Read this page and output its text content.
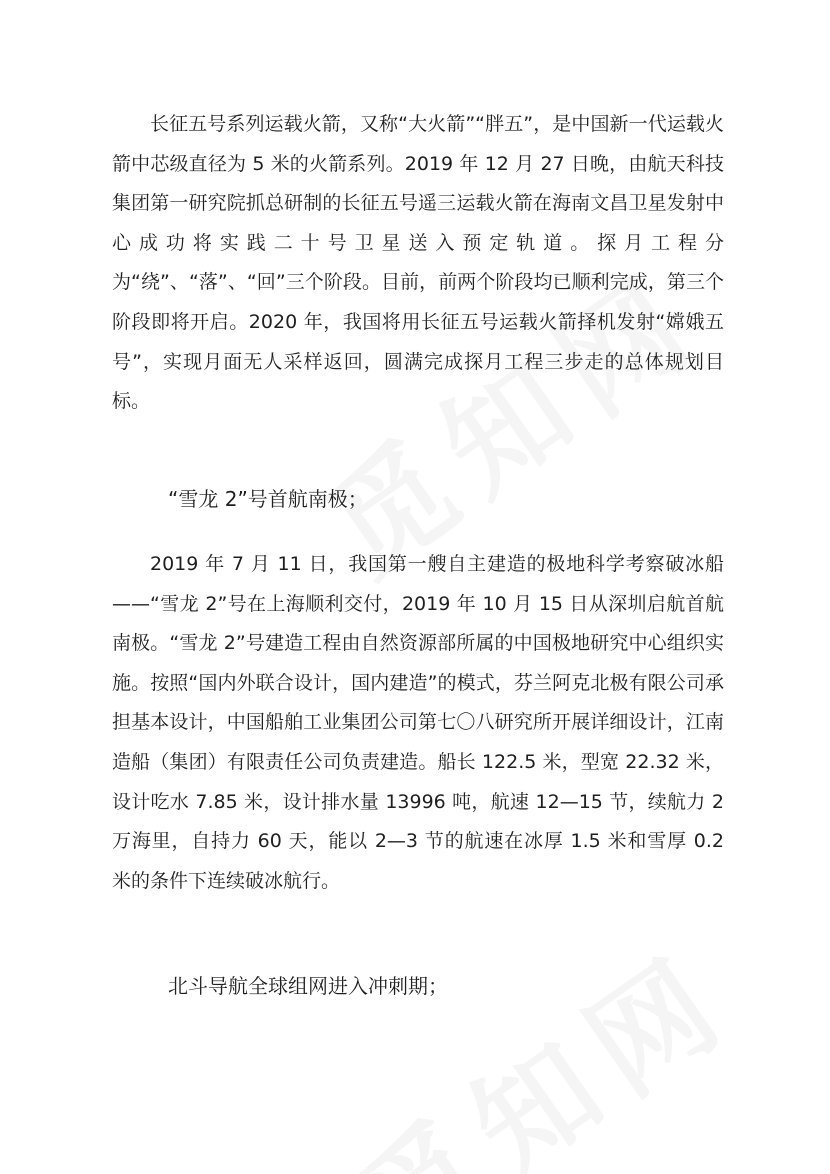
长征五号系列运载火箭，又称“大火箭”“胖五”，是中国新一代运载火箭中芯级直径为 5 米的火箭系列。2019 年 12 月 27 日晚，由航天科技集团第一研究院抓总研制的长征五号遥三运载火箭在海南文昌卫星发射中心成功将实践二十号卫星送入预定轨道。探月工程分为“绕”、“落”、“回”三个阶段。目前，前两个阶段均已顺利完成，第三个阶段即将开启。2020 年，我国将用长征五号运载火箭择机发射“嫦娥五号”，实现月面无人采样返回，圆满完成探月工程三步走的总体规划目标。

“雪龙 2”号首航南极；

2019 年 7 月 11 日，我国第一艘自主建造的极地科学考察破冰船——“雪龙 2”号在上海顺利交付，2019 年 10 月 15 日从深圳启航首航南极。“雪龙 2”号建造工程由自然资源部所属的中国极地研究中心组织实施。按照“国内外联合设计，国内建造”的模式，芬兰阿克北极有限公司承担基本设计，中国船舶工业集团公司第七〇八研究所开展详细设计，江南造船（集团）有限责任公司负责建造。船长 122.5 米，型宽 22.32 米，设计吃水 7.85 米，设计排水量 13996 吨，航速 12—15 节，续航力 2 万海里，自持力 60 天，能以 2—3 节的航速在冰厚 1.5 米和雪厚 0.2 米的条件下连续破冰航行。

北斗导航全球组网进入冲刺期；
